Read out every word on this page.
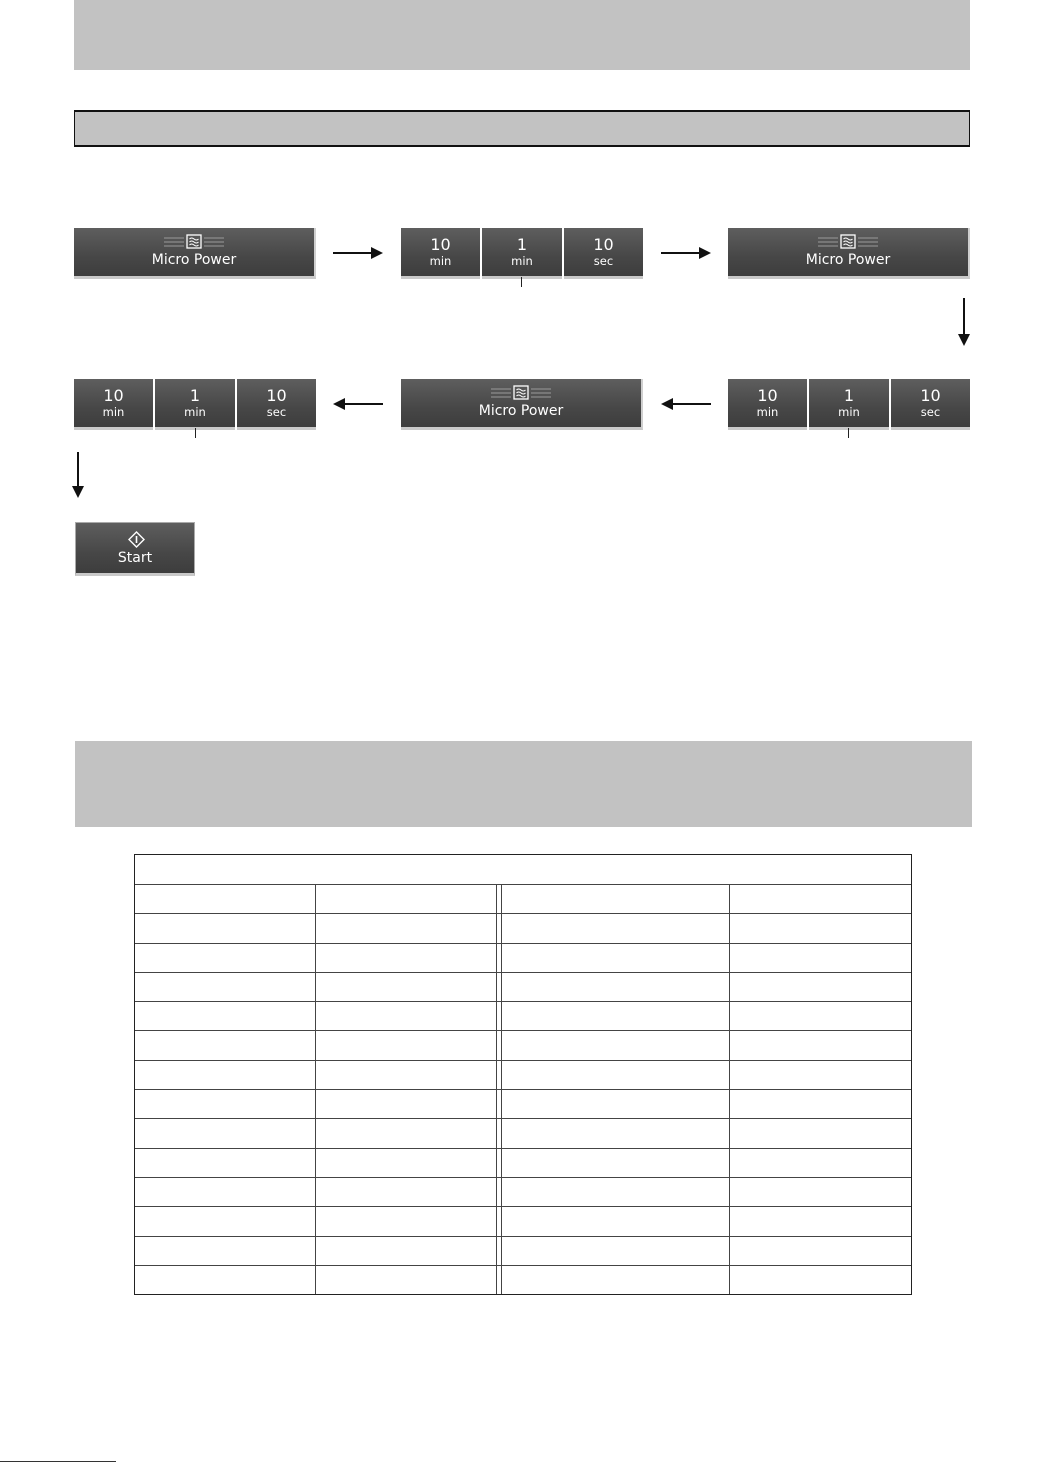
Micro Power
10
min
1
min
10
sec	Micro Power
10
min
1
min
10
sec	Micro Power
10
min
1
min
10
sec
Start
